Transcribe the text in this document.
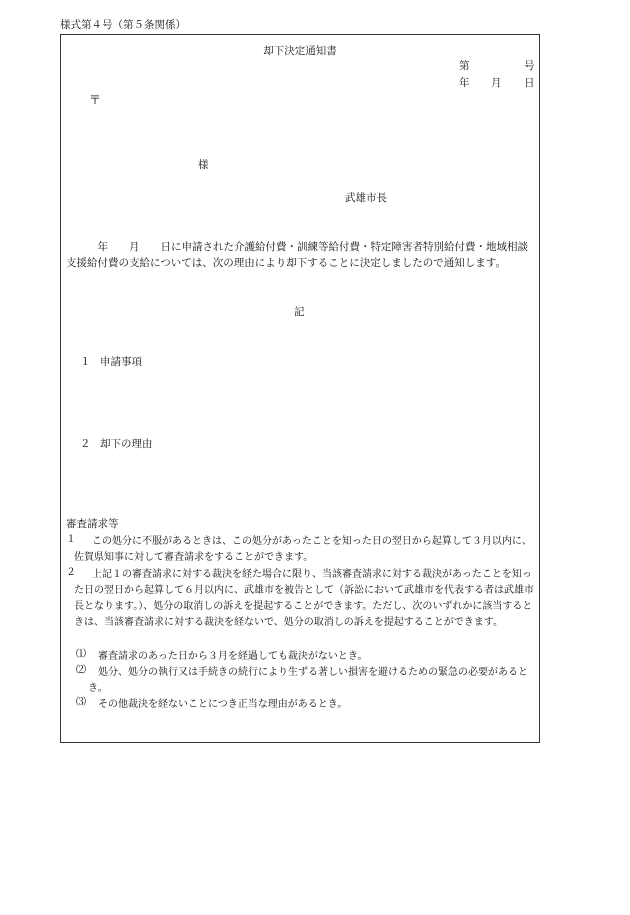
様式第４号（第５条関係）
却下決定通知書
第	号
年 月 日
〒
様
武雄市長
　　　年　　月　　日に申請された介護給付費・訓練等給付費・特定障害者特別給付費・地域相談支援給付費の支給については、次の理由により却下することに決定しましたので通知します。
記
１ 申請事項
２ 却下の理由
審査請求等
１	この処分に不服があるときは、この処分があったことを知った日の翌日から起算して３月以内に、佐賀県知事に対して審査請求をすることができます。
２	上記１の審査請求に対する裁決を経た場合に限り、当該審査請求に対する裁決があったことを知った日の翌日から起算して６月以内に、武雄市を被告として（訴訟において武雄市を代表する者は武雄市長となります。）、処分の取消しの訴えを提起することができます。ただし、次のいずれかに該当するときは、当該審査請求に対する裁決を経ないで、処分の取消しの訴えを提起することができます。
⑴	審査請求のあった日から３月を経過しても裁決がないとき。
⑵	処分、処分の執行又は手続きの続行により生ずる著しい損害を避けるための緊急の必要があるとき。
⑶	その他裁決を経ないことにつき正当な理由があるとき。
